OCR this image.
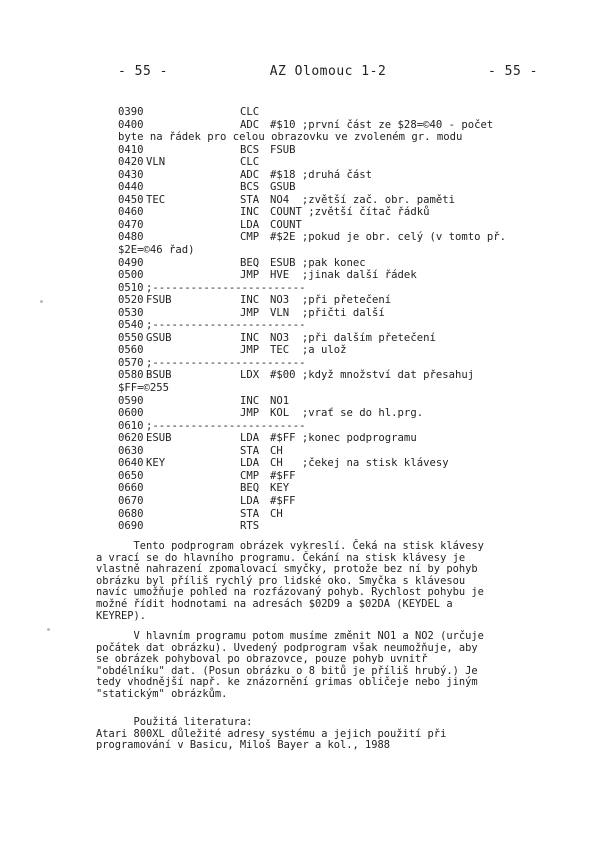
- 55 -	AZ Olomouc 1-2	- 55 -
0390	CLC
0400	ADC #$10 ;první část ze $28=©40 - počet
byte na řádek pro celou obrazovku ve zvoleném gr. modu
0410	BCS FSUB
0420 VLN	CLC
0430	ADC #$18 ;druhá část
0440	BCS GSUB
0450 TEC	STA NO4  ;zvětší zač. obr. paměti
0460	INC COUNT ;zvětší čítač řádků
0470	LDA COUNT
0480	CMP #$2E ;pokud je obr. celý (v tomto př.
$2E=©46 řad)
0490	BEQ ESUB ;pak konec
0500	JMP HVE  ;jinak další řádek
0510 ;------------------------
0520 FSUB	INC NO3  ;při přetečení
0530	JMP VLN  ;přičti další
0540 ;------------------------
0550 GSUB	INC NO3  ;při dalším přetečení
0560	JMP TEC  ;a ulož
0570 ;------------------------
0580 BSUB	LDX #$00 ;když množství dat přesahuj
$FF=©255
0590	INC NO1
0600	JMP KOL  ;vrať se do hl.prg.
0610 ;------------------------
0620 ESUB	LDA #$FF ;konec podprogramu
0630	STA CH
0640 KEY	LDA CH   ;čekej na stisk klávesy
0650	CMP #$FF
0660	BEQ KEY
0670	LDA #$FF
0680	STA CH
0690	RTS

Tento podprogram obrázek vykreslí. Čeká na stisk klávesy

a vrací se do hlavního programu. Čekání na stisk klávesy je

vlastně nahrazení zpomalovací smyčky, protože bez ní by pohyb

obrázku byl příliš rychlý pro lidské oko. Smyčka s klávesou

navíc umožňuje pohled na rozfázovaný pohyb. Rychlost pohybu je

možné řídit hodnotami na adresách $02D9 a $02DA (KEYDEL a

KEYREP).

V hlavním programu potom musíme změnit NO1 a NO2 (určuje

počátek dat obrázku). Uvedený podprogram však neumožňuje, aby

se obrázek pohyboval po obrazovce, pouze pohyb uvnitř

"obdélníku" dat. (Posun obrázku o 8 bitů je příliš hrubý.) Je

tedy vhodnější např. ke znázornění grimas obličeje nebo jiným

"statickým" obrázkům.

Použitá literatura:

Atari 800XL důležité adresy systému a jejich použití při

programování v Basicu, Miloš Bayer a kol., 1988
